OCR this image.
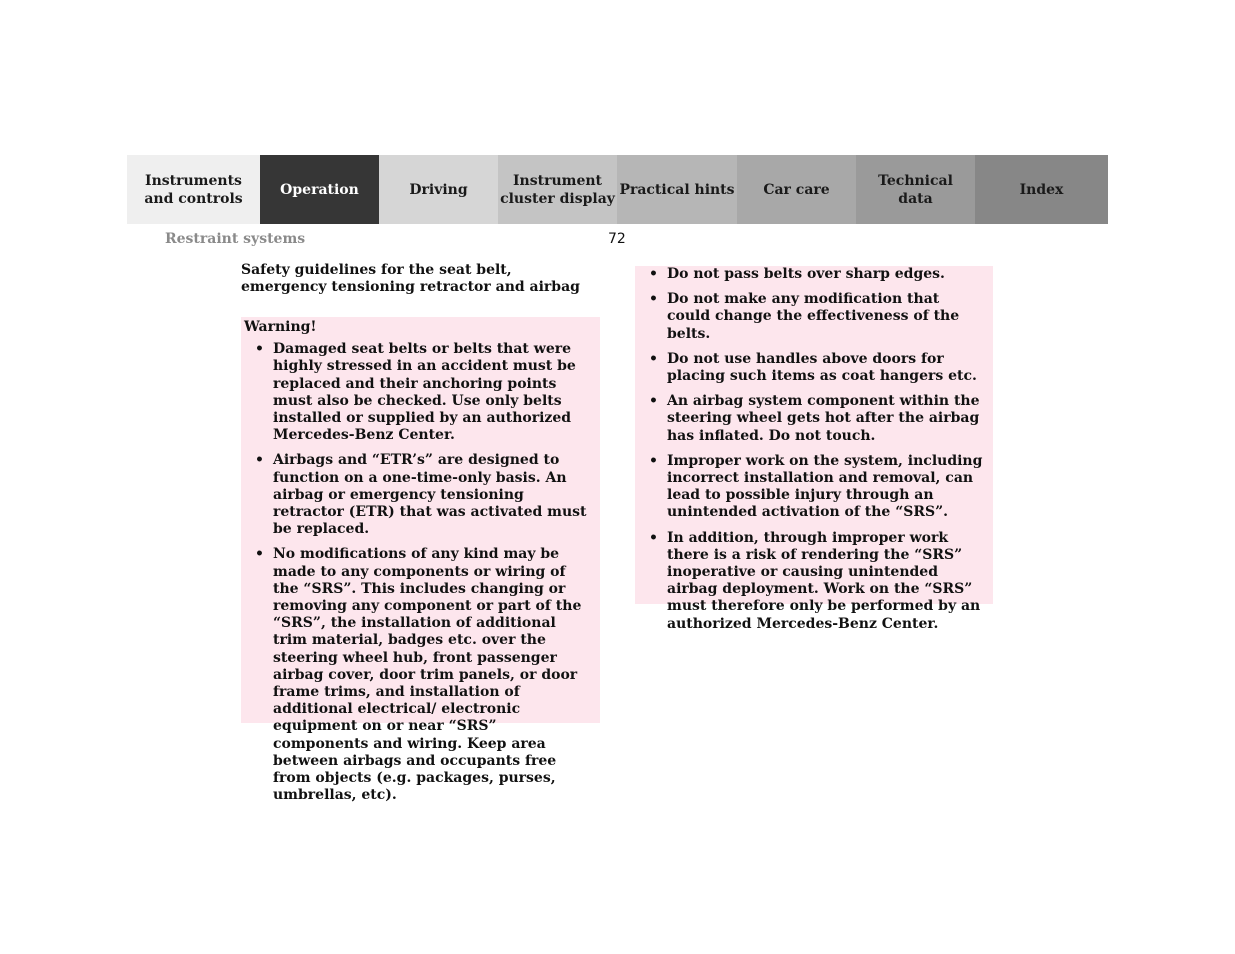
Instruments
and controls
Operation	Driving
Instrument
cluster display
Practical hints Car care
Technical
data
Index
Restraint systems	72
Safety guidelines for the seat belt, emergency tensioning retractor and airbag
Warning!
• Damaged seat belts or belts that were highly stressed in an accident must be replaced and their anchoring points must also be checked. Use only belts installed or supplied by an authorized Mercedes-Benz Center.
• Airbags and “ETR’s” are designed to function on a one-time-only basis. An airbag or emergency tensioning retractor (ETR) that was activated must be replaced.
• No modifications of any kind may be made to any components or wiring of the “SRS”. This includes changing or removing any component or part of the “SRS”, the installation of additional trim material, badges etc. over the steering wheel hub, front passenger airbag cover, door trim panels, or door frame trims, and installation of additional electrical/ electronic equipment on or near “SRS” components and wiring. Keep area between airbags and occupants free from objects (e.g. packages, purses, umbrellas, etc).
• Do not pass belts over sharp edges.
• Do not make any modification that could change the effectiveness of the belts.
• Do not use handles above doors for placing such items as coat hangers etc.
• An airbag system component within the steering wheel gets hot after the airbag has inflated. Do not touch.
• Improper work on the system, including incorrect installation and removal, can lead to possible injury through an unintended activation of the “SRS”.
• In addition, through improper work there is a risk of rendering the “SRS” inoperative or causing unintended airbag deployment. Work on the “SRS” must therefore only be performed by an authorized Mercedes-Benz Center.
